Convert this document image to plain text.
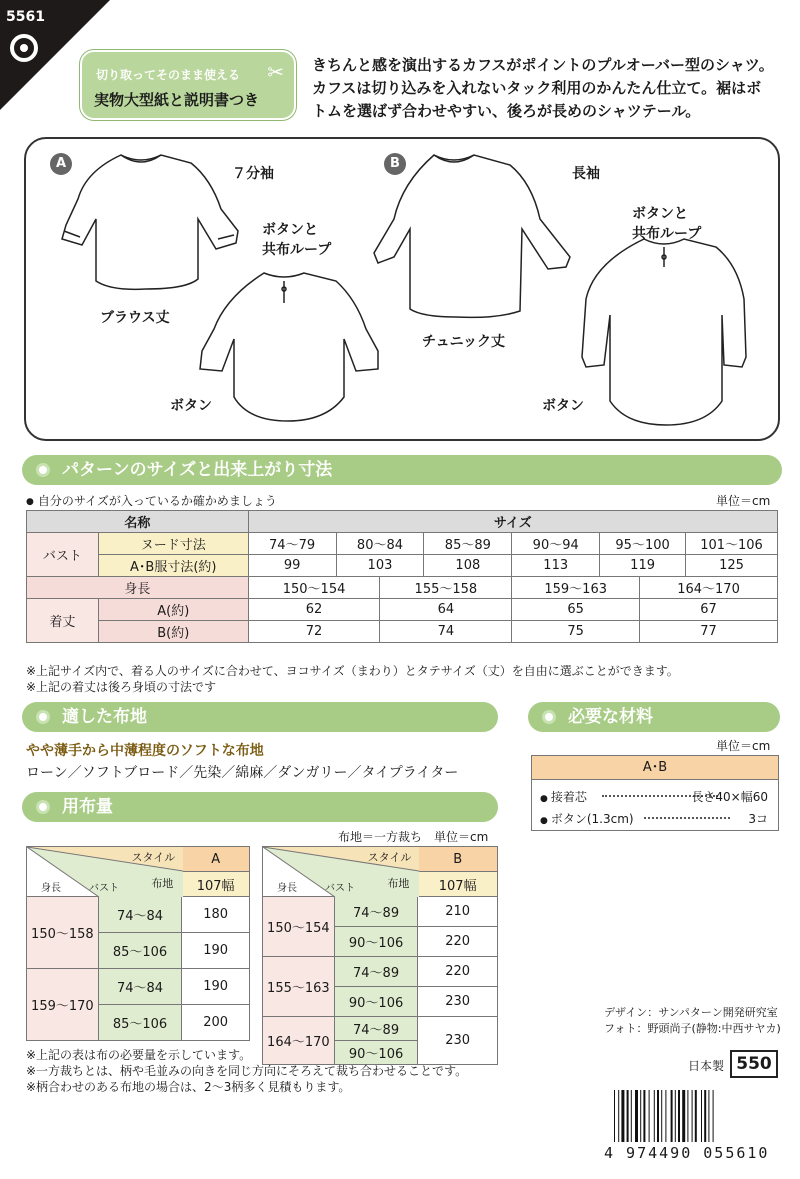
5561
切り取ってそのまま使える ✂
実物大型紙と説明書つき
きちんと感を演出するカフスがポイントのプルオーバー型のシャツ。
カフスは切り込みを入れないタック利用のかんたん仕立て。裾はボ
トムを選ばず合わせやすい、後ろが長めのシャツテール。
A
７分袖
ボタンと
共布ループ
ブラウス丈
ボタン
B
長袖
ボタンと
共布ループ
チュニック丈
ボタン
パターンのサイズと出来上がり寸法
● 自分のサイズが入っているか確かめましょう	単位＝cm
名称		サイズ							
バスト	ヌード寸法	74〜79	80〜84		85〜89	90〜94	95〜100		101〜106
	A･B服寸法(約)	99	103		108	113	119		125
身長		150〜154		155〜158		159〜163		164〜170	
着丈	A(約)	62		64		65		67	
	B(約)	72		74		75		77	
※上記サイズ内で、着る人のサイズに合わせて、ヨコサイズ（まわり）とタテサイズ（丈）を自由に選ぶことができます。
※上記の着丈は後ろ身頃の寸法です
適した布地
やや薄手から中薄程度のソフトな布地
ローン／ソフトブロード／先染／綿麻／ダンガリー／タイプライター
必要な材料
単位＝cm
A･B
● 接着芯	長さ40×幅60
● ボタン(1.3cm)	3コ
用布量
布地＝一方裁ち　単位＝cm
スタイル
布地
バスト
身長		A
		107幅
150〜158	74〜84	180
	85〜106	190
159〜170	74〜84	190
	85〜106	200
スタイル
布地
バスト
身長		B
		107幅
150〜154	74〜89	210
	90〜106	220
155〜163	74〜89	220
	90〜106	230
164〜170	74〜89	230
	90〜106	
※上記の表は布の必要量を示しています。
※一方裁ちとは、柄や毛並みの向きを同じ方向にそろえて裁ち合わせることです。
※柄合わせのある布地の場合は、2〜3柄多く見積もります。
デザイン：サンパターン開発研究室
フォト：野頭尚子(静物:中西サヤカ)
日本製 550
4 974490 055610
